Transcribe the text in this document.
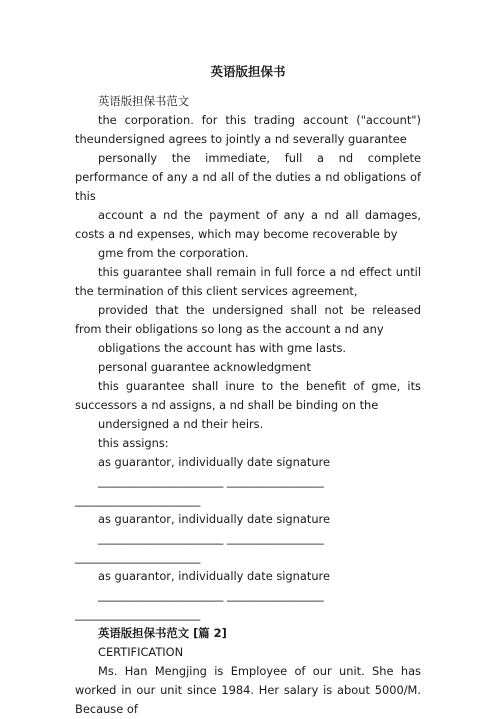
英语版担保书

英语版担保书范文

the corporation. for this trading account ("account") theundersigned agrees to jointly a nd severally guarantee

personally the immediate, full a nd complete performance of any a nd all of the duties a nd obligations of this

account a nd the payment of any a nd all damages, costs a nd expenses, which may become recoverable by

gme from the corporation.

this guarantee shall remain in full force a nd effect until the termination of this client services agreement,

provided that the undersigned shall not be released from their obligations so long as the account a nd any

obligations the account has with gme lasts.

personal guarantee acknowledgment

this guarantee shall inure to the benefit of gme, its successors a nd assigns, a nd shall be binding on the

undersigned a nd their heirs.

this assigns:

as guarantor, individually date signature

______________________ _________________ ______________________

as guarantor, individually date signature

______________________ _________________ ______________________

as guarantor, individually date signature

______________________ _________________ ______________________

英语版担保书范文 [篇 2]

CERTIFICATION

Ms. Han Mengjing is Employee of our unit. She has worked in our unit since 1984. Her salary is about 5000/M. Because of
